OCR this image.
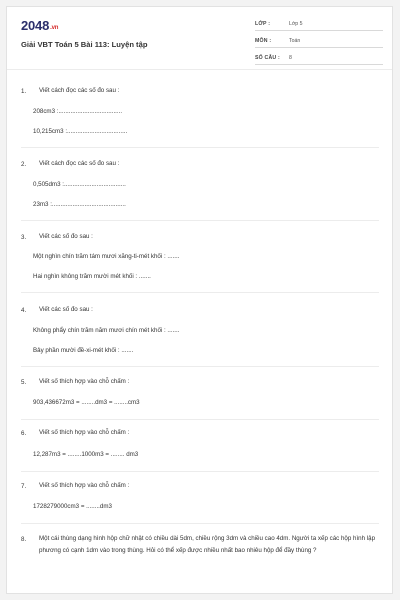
2048.vn
Giải VBT Toán 5 Bài 113: Luyện tập
LỚP :	Lớp 5
MÔN :	Toán
SỐ CÂU : 8
1. Viết cách đọc các số đo sau :
208cm3 :.....................................
10,215cm3 :...................................
2. Viết cách đọc các số đo sau :
0,505dm3 :....................................
23m3 :...........................................
3. Viết các số đo sau :
Một nghìn chín trăm tám mươi xăng-ti-mét khối : .......
Hai nghìn không trăm mười mét khối : .......
4. Viết các số đo sau :
Không phẩy chín trăm năm mươi chín mét khối : .......
Bảy phần mười đề-xi-mét khối : .......
5. Viết số thích hợp vào chỗ chấm :
903,436672m3 = ........dm3 = ........cm3
6. Viết số thích hợp vào chỗ chấm :
12,287m3 = ........1000m3 = ........ dm3
7. Viết số thích hợp vào chỗ chấm :
1728279000cm3 = ........dm3
8. Một cái thùng dạng hình hộp chữ nhật có chiều dài 5dm, chiều rộng 3dm và chiều cao 4dm. Người ta xếp các hộp hình lập phương có cạnh 1dm vào trong thùng. Hỏi có thể xếp được nhiều nhất bao nhiêu hộp để đầy thùng ?
